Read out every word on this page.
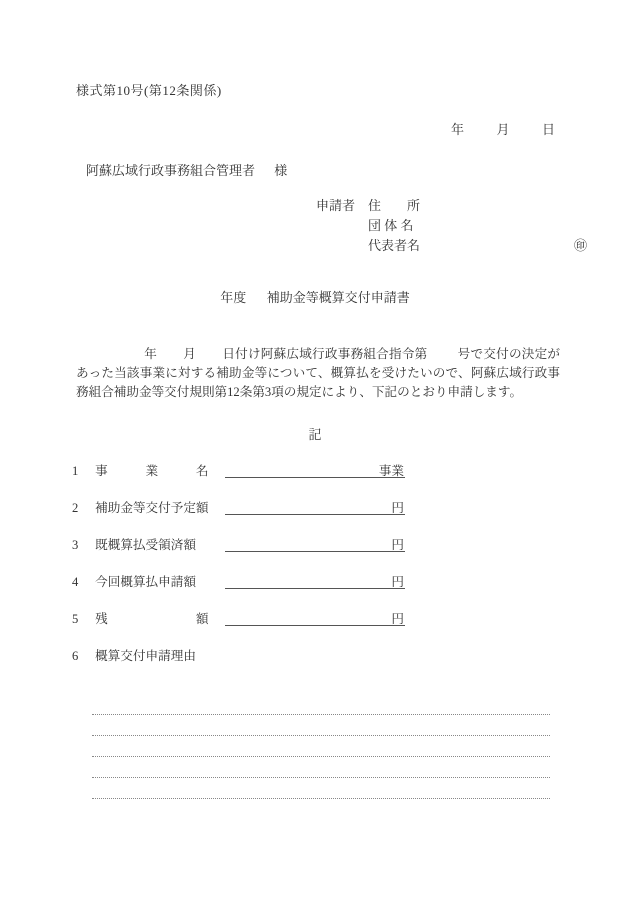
様式第10号(第12条関係)
年	月	日
阿蘇広域行政事務組合管理者 様
申請者 住　　所
団 体 名
代表者名	㊞
年度 補助金等概算交付申請書
年 月 日付け阿蘇広域行政事務組合指令第 号で交付の決定があった当該事業に対する補助金等について、概算払を受けたいので、阿蘇広域行政事務組合補助金等交付規則第12条第3項の規定により、下記のとおり申請します。
記
1 事　　　業　　　名	事業
2 補助金等交付予定額	円
3 既概算払受領済額	円
4 今回概算払申請額	円
5 残　　　　　　　額	円
6 概算交付申請理由
